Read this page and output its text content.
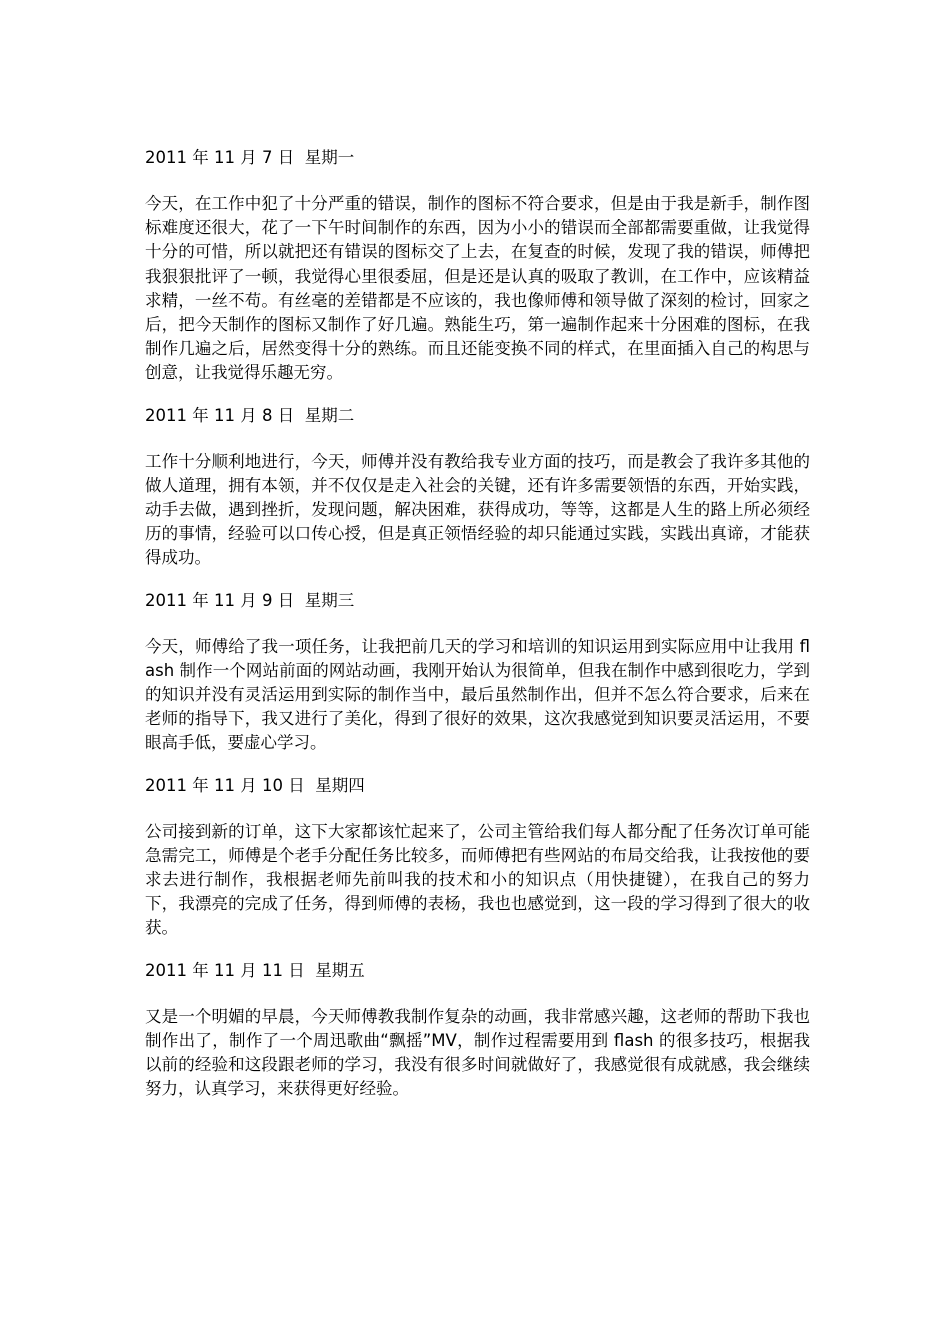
2011 年 11 月 7 日  星期一
今天，在工作中犯了十分严重的错误，制作的图标不符合要求，但是由于我是新手，制作图标难度还很大，花了一下午时间制作的东西，因为小小的错误而全部都需要重做，让我觉得十分的可惜，所以就把还有错误的图标交了上去，在复查的时候，发现了我的错误，师傅把我狠狠批评了一顿，我觉得心里很委屈，但是还是认真的吸取了教训，在工作中，应该精益求精，一丝不苟。有丝毫的差错都是不应该的，我也像师傅和领导做了深刻的检讨，回家之后，把今天制作的图标又制作了好几遍。熟能生巧，第一遍制作起来十分困难的图标，在我制作几遍之后，居然变得十分的熟练。而且还能变换不同的样式，在里面插入自己的构思与创意，让我觉得乐趣无穷。
2011 年 11 月 8 日  星期二
工作十分顺利地进行，今天，师傅并没有教给我专业方面的技巧，而是教会了我许多其他的做人道理，拥有本领，并不仅仅是走入社会的关键，还有许多需要领悟的东西，开始实践，动手去做，遇到挫折，发现问题，解决困难，获得成功，等等，这都是人生的路上所必须经历的事情，经验可以口传心授，但是真正领悟经验的却只能通过实践，实践出真谛，才能获得成功。
2011 年 11 月 9 日  星期三
今天，师傅给了我一项任务，让我把前几天的学习和培训的知识运用到实际应用中让我用 flash 制作一个网站前面的网站动画，我刚开始认为很简单，但我在制作中感到很吃力，学到的知识并没有灵活运用到实际的制作当中，最后虽然制作出，但并不怎么符合要求，后来在老师的指导下，我又进行了美化，得到了很好的效果，这次我感觉到知识要灵活运用，不要眼高手低，要虚心学习。
2011 年 11 月 10 日  星期四
公司接到新的订单，这下大家都该忙起来了，公司主管给我们每人都分配了任务次订单可能急需完工，师傅是个老手分配任务比较多，而师傅把有些网站的布局交给我，让我按他的要求去进行制作，我根据老师先前叫我的技术和小的知识点（用快捷键），在我自己的努力下，我漂亮的完成了任务，得到师傅的表杨，我也也感觉到，这一段的学习得到了很大的收获。
2011 年 11 月 11 日  星期五
又是一个明媚的早晨，今天师傅教我制作复杂的动画，我非常感兴趣，这老师的帮助下我也制作出了，制作了一个周迅歌曲“飘摇”MV，制作过程需要用到 flash 的很多技巧，根据我以前的经验和这段跟老师的学习，我没有很多时间就做好了，我感觉很有成就感，我会继续努力，认真学习，来获得更好经验。
